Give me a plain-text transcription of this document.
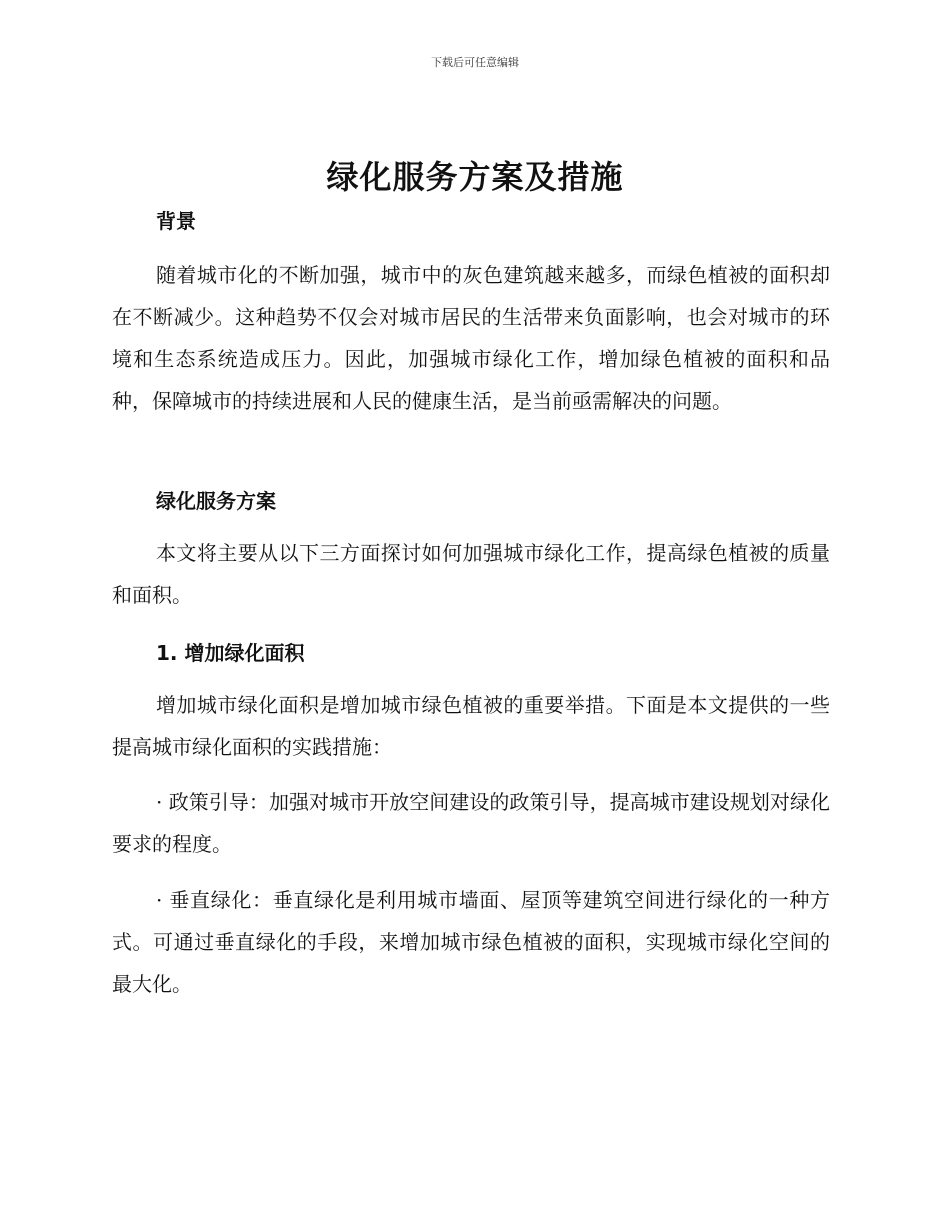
下载后可任意编辑
绿化服务方案及措施
背景

随着城市化的不断加强，城市中的灰色建筑越来越多，而绿色植被的面积却在不断减少。这种趋势不仅会对城市居民的生活带来负面影响，也会对城市的环境和生态系统造成压力。因此，加强城市绿化工作，增加绿色植被的面积和品种，保障城市的持续进展和人民的健康生活，是当前亟需解决的问题。

绿化服务方案

本文将主要从以下三方面探讨如何加强城市绿化工作，提高绿色植被的质量和面积。

1. 增加绿化面积

增加城市绿化面积是增加城市绿色植被的重要举措。下面是本文提供的一些提高城市绿化面积的实践措施：

· 政策引导：加强对城市开放空间建设的政策引导，提高城市建设规划对绿化要求的程度。

· 垂直绿化：垂直绿化是利用城市墙面、屋顶等建筑空间进行绿化的一种方式。可通过垂直绿化的手段，来增加城市绿色植被的面积，实现城市绿化空间的最大化。
